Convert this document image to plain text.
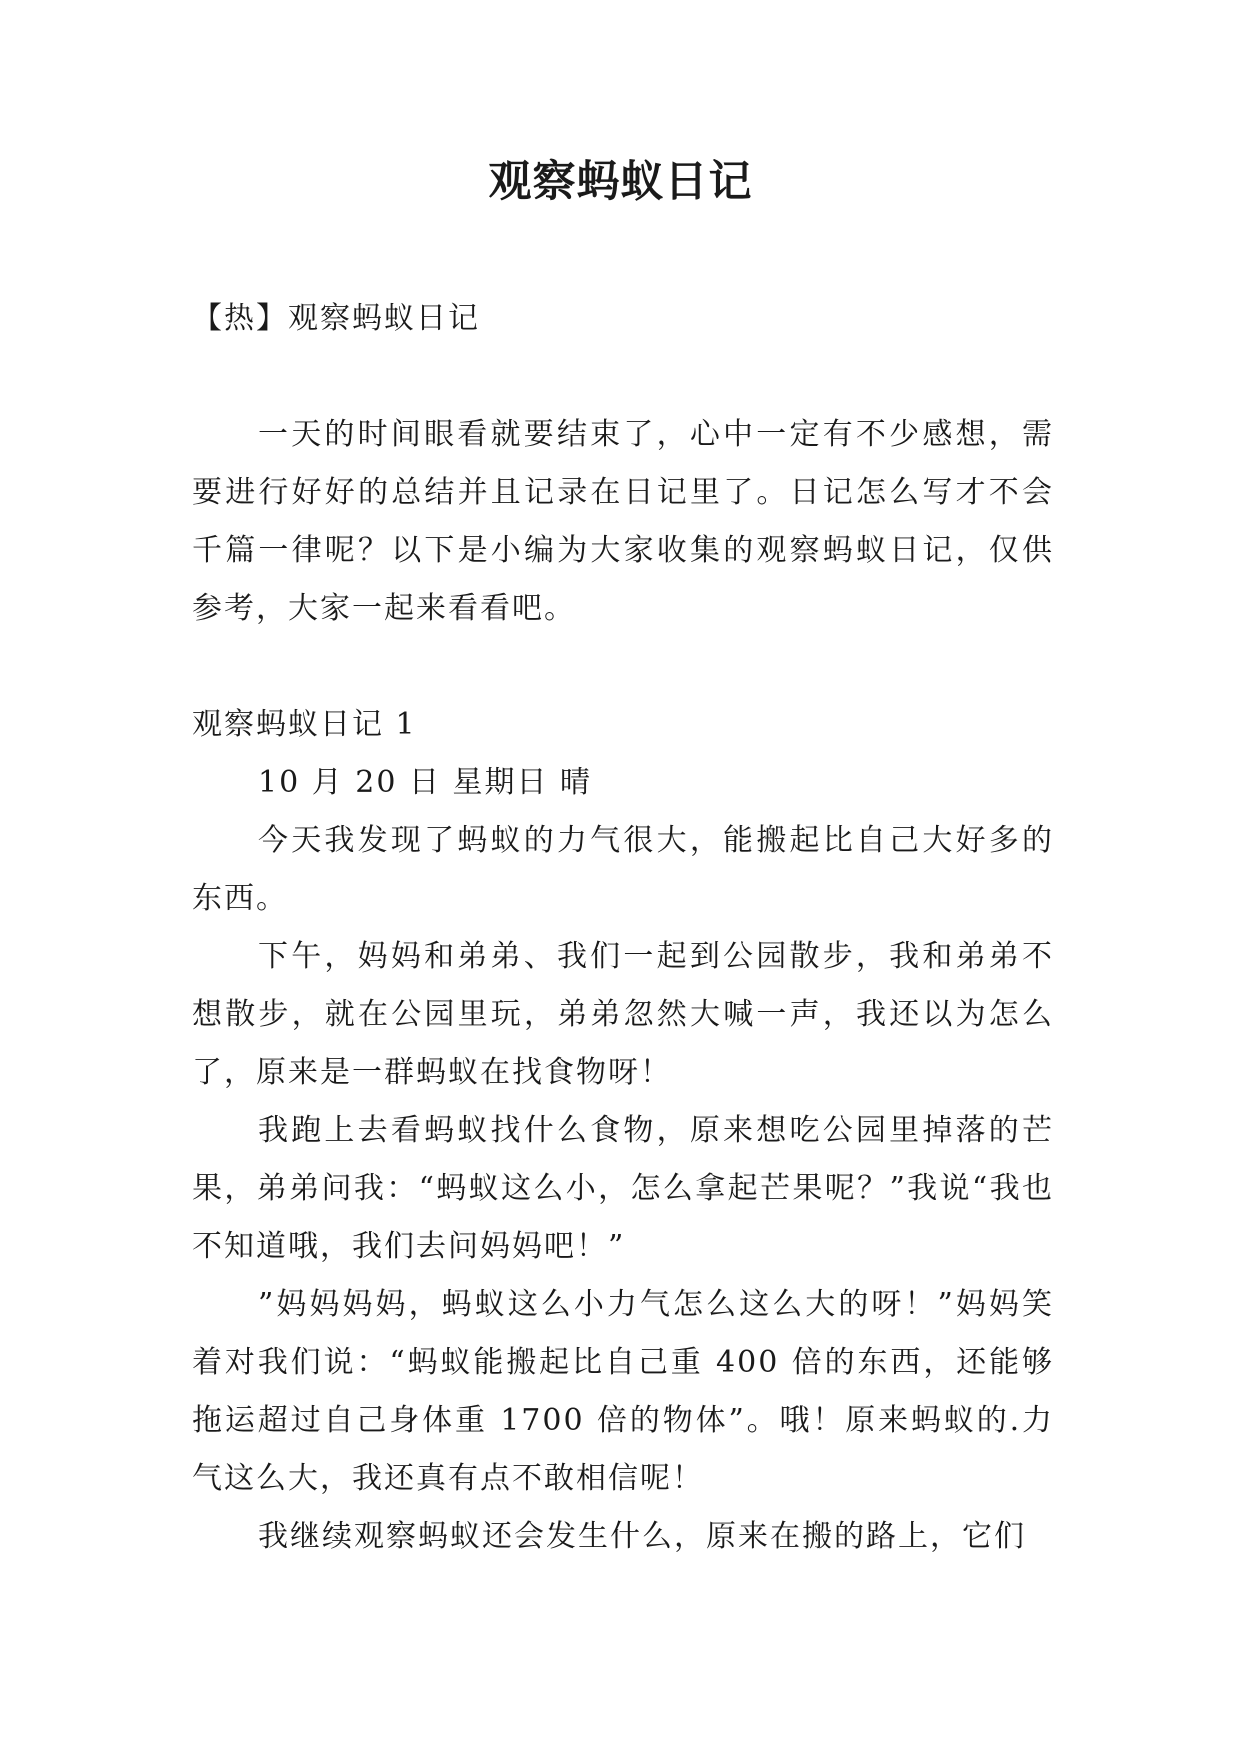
观察蚂蚁日记

【热】观察蚂蚁日记

一天的时间眼看就要结束了，心中一定有不少感想，需要进行好好的总结并且记录在日记里了。日记怎么写才不会千篇一律呢？以下是小编为大家收集的观察蚂蚁日记，仅供参考，大家一起来看看吧。

观察蚂蚁日记 1

10 月 20 日 星期日 晴

今天我发现了蚂蚁的力气很大，能搬起比自己大好多的东西。

下午，妈妈和弟弟、我们一起到公园散步，我和弟弟不想散步，就在公园里玩，弟弟忽然大喊一声，我还以为怎么了，原来是一群蚂蚁在找食物呀！

我跑上去看蚂蚁找什么食物，原来想吃公园里掉落的芒果，弟弟问我：“蚂蚁这么小，怎么拿起芒果呢？”我说“我也不知道哦，我们去问妈妈吧！”

”妈妈妈妈，蚂蚁这么小力气怎么这么大的呀！”妈妈笑着对我们说：“蚂蚁能搬起比自己重 400 倍的东西，还能够拖运超过自己身体重 1700 倍的物体”。哦！原来蚂蚁的.力气这么大，我还真有点不敢相信呢！

我继续观察蚂蚁还会发生什么，原来在搬的路上，它们
